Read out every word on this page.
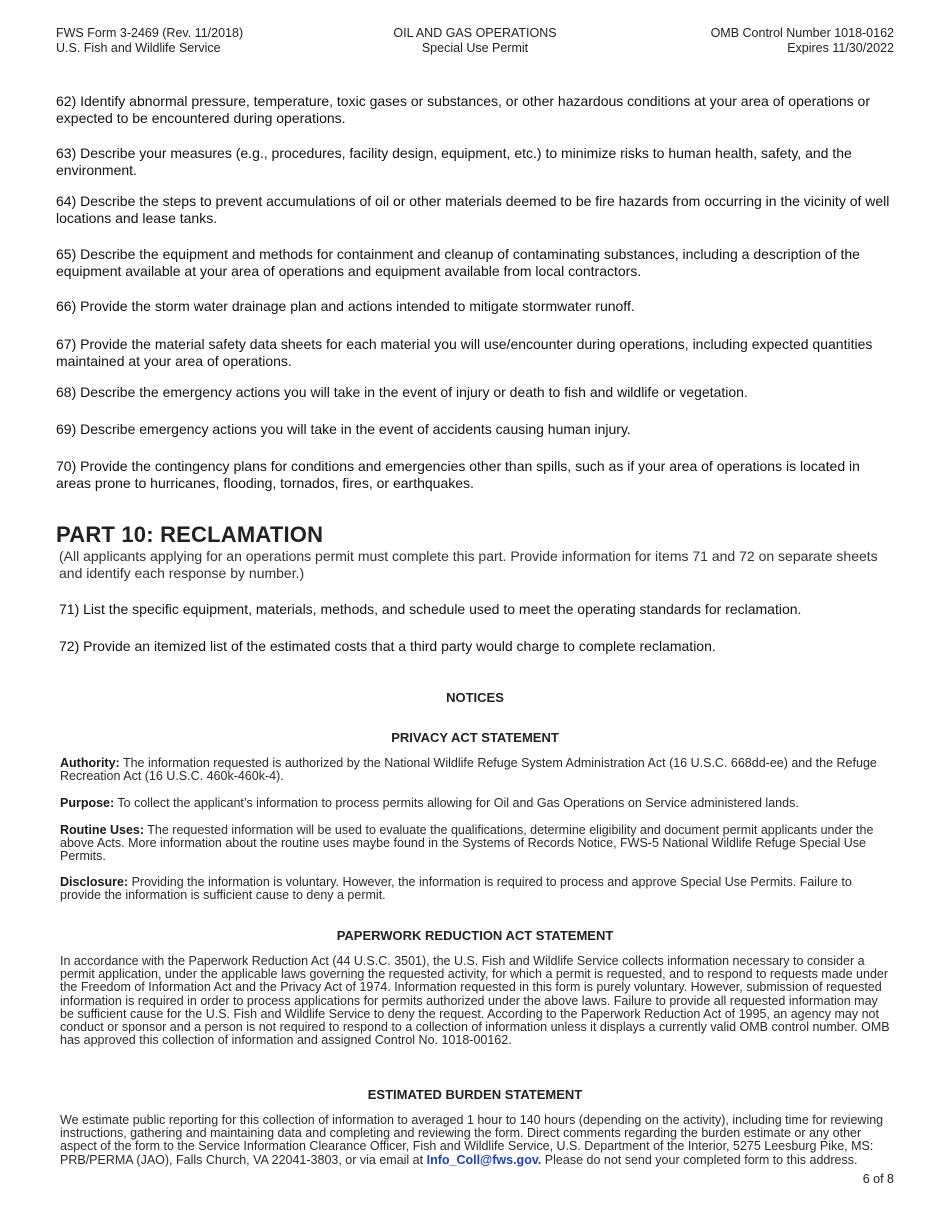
FWS Form 3-2469 (Rev. 11/2018)
U.S. Fish and Wildlife Service
OIL AND GAS OPERATIONS
Special Use Permit
OMB Control Number 1018-0162
Expires 11/30/2022
62) Identify abnormal pressure, temperature, toxic gases or substances, or other hazardous conditions at your area of operations or expected to be encountered during operations.
63) Describe your measures (e.g., procedures, facility design, equipment, etc.) to minimize risks to human health, safety, and the environment.
64) Describe the steps to prevent accumulations of oil or other materials deemed to be fire hazards from occurring in the vicinity of well locations and lease tanks.
65) Describe the equipment and methods for containment and cleanup of contaminating substances, including a description of the equipment available at your area of operations and equipment available from local contractors.
66) Provide the storm water drainage plan and actions intended to mitigate stormwater runoff.
67) Provide the material safety data sheets for each material you will use/encounter during operations, including expected quantities maintained at your area of operations.
68) Describe the emergency actions you will take in the event of injury or death to fish and wildlife or vegetation.
69) Describe emergency actions you will take in the event of accidents causing human injury.
70) Provide the contingency plans for conditions and emergencies other than spills, such as if your area of operations is located in areas prone to hurricanes, flooding, tornados, fires, or earthquakes.
PART 10: RECLAMATION
(All applicants applying for an operations permit must complete this part. Provide information for items 71 and 72 on separate sheets and identify each response by number.)
71) List the specific equipment, materials, methods, and schedule used to meet the operating standards for reclamation.
72) Provide an itemized list of the estimated costs that a third party would charge to complete reclamation.
NOTICES
PRIVACY ACT STATEMENT
Authority: The information requested is authorized by the National Wildlife Refuge System Administration Act (16 U.S.C. 668dd-ee) and the Refuge Recreation Act (16 U.S.C. 460k-460k-4).
Purpose: To collect the applicant’s information to process permits allowing for Oil and Gas Operations on Service administered lands.
Routine Uses: The requested information will be used to evaluate the qualifications, determine eligibility and document permit applicants under the above Acts. More information about the routine uses maybe found in the Systems of Records Notice, FWS-5 National Wildlife Refuge Special Use Permits.
Disclosure: Providing the information is voluntary. However, the information is required to process and approve Special Use Permits. Failure to provide the information is sufficient cause to deny a permit.
PAPERWORK REDUCTION ACT STATEMENT
In accordance with the Paperwork Reduction Act (44 U.S.C. 3501), the U.S. Fish and Wildlife Service collects information necessary to consider a permit application, under the applicable laws governing the requested activity, for which a permit is requested, and to respond to requests made under the Freedom of Information Act and the Privacy Act of 1974. Information requested in this form is purely voluntary. However, submission of requested information is required in order to process applications for permits authorized under the above laws. Failure to provide all requested information may be sufficient cause for the U.S. Fish and Wildlife Service to deny the request. According to the Paperwork Reduction Act of 1995, an agency may not conduct or sponsor and a person is not required to respond to a collection of information unless it displays a currently valid OMB control number. OMB has approved this collection of information and assigned Control No. 1018-00162.
ESTIMATED BURDEN STATEMENT
We estimate public reporting for this collection of information to averaged 1 hour to 140 hours (depending on the activity), including time for reviewing instructions, gathering and maintaining data and completing and reviewing the form. Direct comments regarding the burden estimate or any other aspect of the form to the Service Information Clearance Officer, Fish and Wildlife Service, U.S. Department of the Interior, 5275 Leesburg Pike, MS: PRB/PERMA (JAO), Falls Church, VA 22041-3803, or via email at Info_Coll@fws.gov. Please do not send your completed form to this address.
6 of 8
